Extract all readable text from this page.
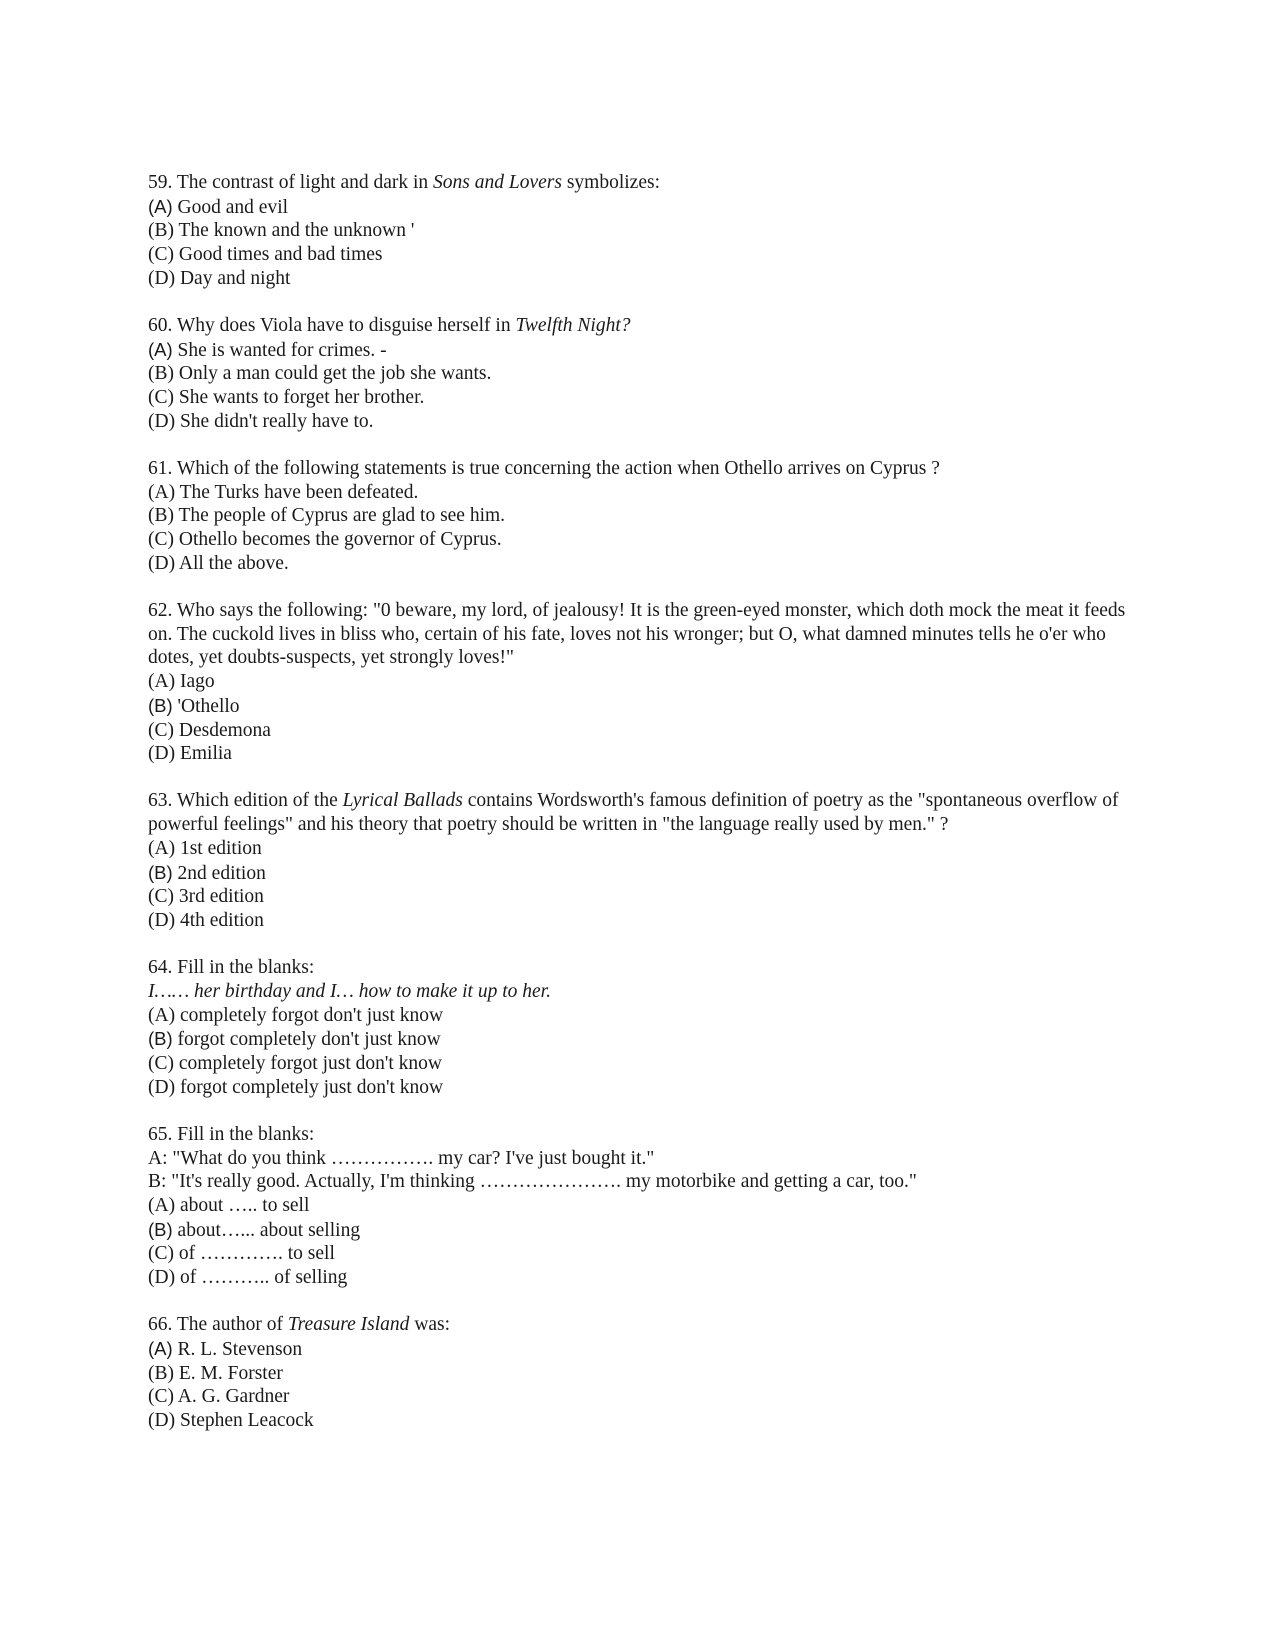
59. The contrast of light and dark in Sons and Lovers symbolizes:
(A) Good and evil
(B) The known and the unknown '
(C) Good times and bad times
(D) Day and night
60. Why does Viola have to disguise herself in Twelfth Night?
(A) She is wanted for crimes. -
(B) Only a man could get the job she wants.
(C) She wants to forget her brother.
(D) She didn't really have to.
61. Which of the following statements is true concerning the action when Othello arrives on Cyprus ?
(A) The Turks have been defeated.
(B) The people of Cyprus are glad to see him.
(C) Othello becomes the governor of Cyprus.
(D) All the above.
62. Who says the following: "0 beware, my lord, of jealousy! It is the green-eyed monster, which doth mock the meat it feeds on. The cuckold lives in bliss who, certain of his fate, loves not his wronger; but O, what damned minutes tells he o'er who dotes, yet doubts-suspects, yet strongly loves!"
(A) Iago
(B) 'Othello
(C) Desdemona
(D) Emilia
63. Which edition of the Lyrical Ballads contains Wordsworth's famous definition of poetry as the "spontaneous overflow of powerful feelings" and his theory that poetry should be written in "the language really used by men." ?
(A) 1st edition
(B) 2nd edition
(C) 3rd edition
(D) 4th edition
64. Fill in the blanks:
I…… her birthday and I… how to make it up to her.
(A) completely forgot don't just know
(B) forgot completely don't just know
(C) completely forgot just don't know
(D) forgot completely just don't know
65. Fill in the blanks:
A: "What do you think ……………. my car? I've just bought it."
B: "It's really good. Actually, I'm thinking …………………. my motorbike and getting a car, too."
(A) about ….. to sell
(B) about…... about selling
(C) of …………. to sell
(D) of ……….. of selling
66. The author of Treasure Island was:
(A) R. L. Stevenson
(B) E. M. Forster
(C) A. G. Gardner
(D) Stephen Leacock
